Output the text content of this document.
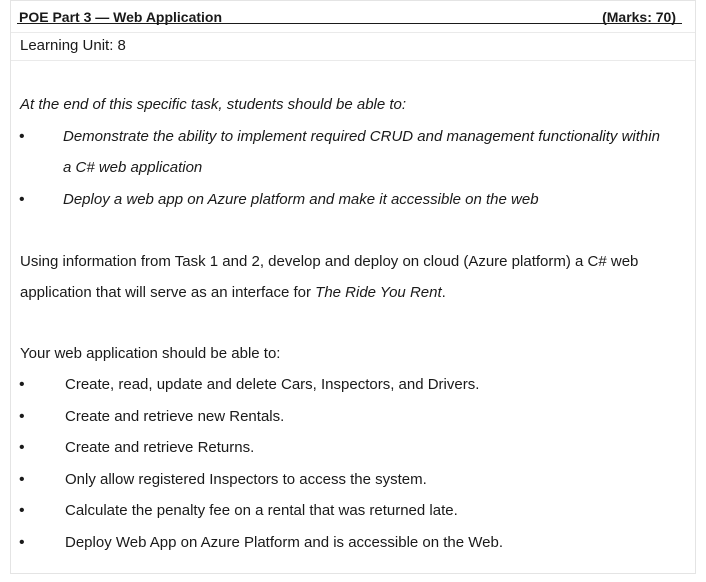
POE Part 3 — Web Application	(Marks: 70)
Learning Unit: 8
At the end of this specific task, students should be able to:
•	Demonstrate the ability to implement required CRUD and management functionality within
a C# web application
•	Deploy a web app on Azure platform and make it accessible on the web
Using information from Task 1 and 2, develop and deploy on cloud (Azure platform) a C# web
application that will serve as an interface for The Ride You Rent.
Your web application should be able to:
•	Create, read, update and delete Cars, Inspectors, and Drivers.
•	Create and retrieve new Rentals.
•	Create and retrieve Returns.
•	Only allow registered Inspectors to access the system.
•	Calculate the penalty fee on a rental that was returned late.
•	Deploy Web App on Azure Platform and is accessible on the Web.
